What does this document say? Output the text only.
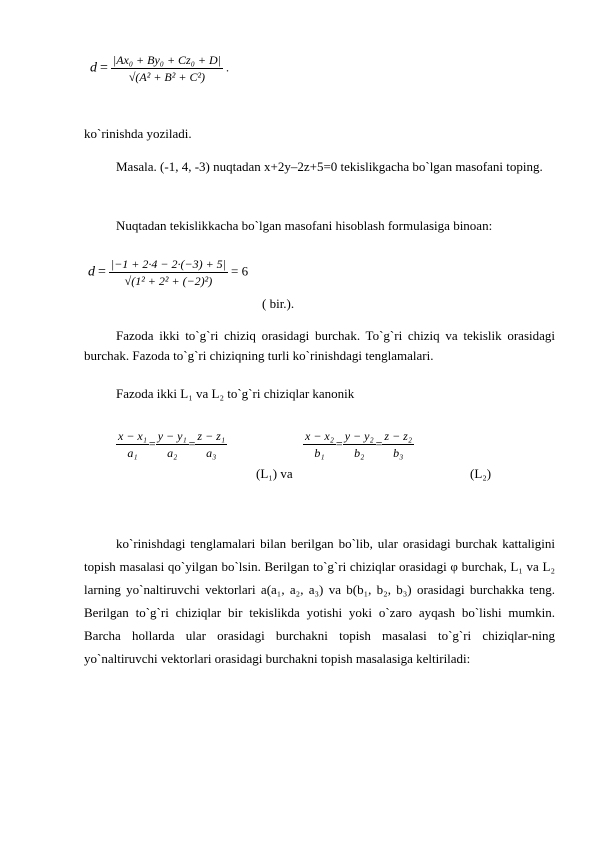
$d = \frac{\text{|Ax₀ + By₀ + Cz₀ + D|}}{\text{√(A² + B² + C²)}}$ .
ko`rinishda yoziladi.
Masala. (-1, 4, -3) nuqtadan x+2y–2z+5=0 tekislikgacha bo`lgan masofani toping.
Nuqtadan tekislikkacha bo`lgan masofani hisoblash formulasiga binoan:
$d = \frac{|-1 + 2\cdot 4 - 2\cdot(-3) + 5|}{\text{√(1² + 2² + (−2)²)}} = 6$
( bir.).
Fazoda ikki to`g`ri chiziq orasidagi burchak. To`g`ri chiziq va tekislik orasidagi burchak. Fazoda to`g`ri chiziqning turli ko`rinishdagi tenglamalari.
Fazoda ikki L₁ va L₂ to`g`ri chiziqlar kanonik
$\frac{\text{x − x₁}}{\text{a₁}} = \frac{\text{y − y₁}}{\text{a₂}} = \frac{\text{z − z₁}}{\text{a₃}}$
(L₁) va
$\frac{\text{x − x₂}}{\text{b₁}} = \frac{\text{y − y₂}}{\text{b₂}} = \frac{\text{z − z₂}}{\text{b₃}}$
(L₂)
ko`rinishdagi tenglamalari bilan berilgan bo`lib, ular orasidagi burchak kattaligini topish masalasi qo`yilgan bo`lsin. Berilgan to`g`ri chiziqlar orasidagi φ burchak, L₁ va L₂ larning yo`naltiruvchi vektorlari a(a₁, a₂, a₃) va b(b₁, b₂, b₃) orasidagi burchakka teng. Berilgan to`g`ri chiziqlar bir tekislikda yotishi yoki o`zaro ayqash bo`lishi mumkin. Barcha hollarda ular orasidagi burchakni topish masalasi to`g`ri chiziqlar-ning yo`naltiruvchi vektorlari orasidagi burchakni topish masalasiga keltiriladi:
